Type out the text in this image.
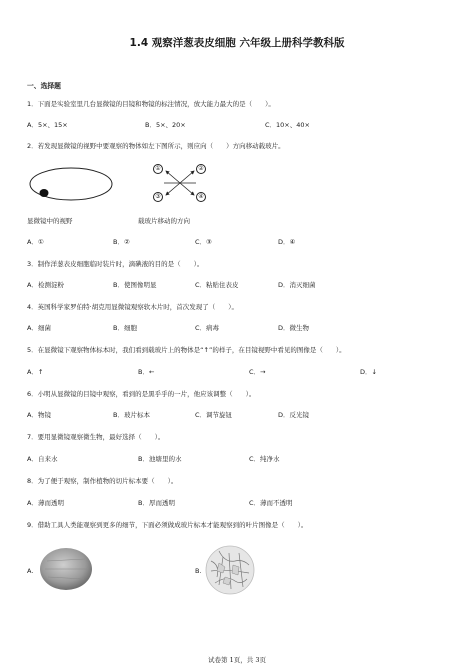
1.4 观察洋葱表皮细胞 六年级上册科学教科版
一、选择题
1．下面是实验室里几台显微镜的目镜和物镜的标注情况，放大能力最大的是（　　）。
A．5×、15×	B．5×、20×	C．10×、40×
2．若发现显微镜的视野中要观察的物体如左下图所示，则应向（　　）方向移动载玻片。
①	②
③	④
显微镜中的视野	载玻片移动的方向
A．①	B．②	C．③	D．④
3．制作洋葱表皮细胞临时装片时，滴碘液的目的是（　　）。
A．检测淀粉	B．使图像明显	C．粘贴住表皮	D．消灭细菌
4．英国科学家罗伯特·胡克用显微镜观察软木片时，首次发现了（　　）。
A．细菌	B．细胞	C．病毒	D．微生物
5．在显微镜下观察物体标本时，我们看到载玻片上的物体是“↑”的样子，在目镜视野中看见的图像是（　　）。
A．↑	B．←	C．→	D．↓
6．小明从显微镜的目镜中观察，看到的是黑乎乎的一片，他应该调整（　　）。
A．物镜	B．玻片标本	C．调节旋钮	D．反光镜
7．要用显微镜观察微生物，最好选择（　　）。
A．自来水	B．池塘里的水	C．纯净水
8．为了便于观察，制作植物的切片标本要（　　）。
A．薄而透明	B．厚而透明	C．薄而不透明
9．借助工具人类能观察到更多的细节，下面必须做成玻片标本才能观察到的叶片图像是（　　）。
A.	B.
试卷第 1页，共 3页
